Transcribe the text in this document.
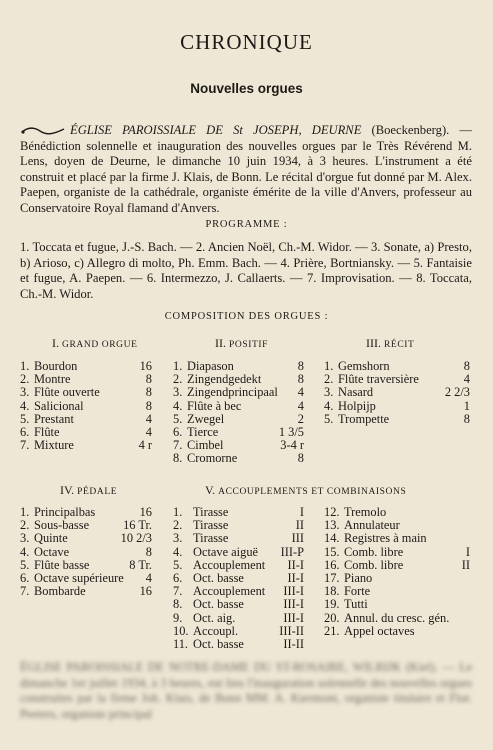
CHRONIQUE
Nouvelles orgues
ÉGLISE PAROISSIALE DE St JOSEPH, DEURNE (Boeckenberg). — Bénédiction solennelle et inauguration des nouvelles orgues par le Très Révérend M. Lens, doyen de Deurne, le dimanche 10 juin 1934, à 3 heures. L'instrument a été construit et placé par la firme J. Klais, de Bonn. Le récital d'orgue fut donné par M. Alex. Paepen, organiste de la cathédrale, organiste émérite de la ville d'Anvers, professeur au Conservatoire Royal flamand d'Anvers.
PROGRAMME :
1. Toccata et fugue, J.-S. Bach. — 2. Ancien Noël, Ch.-M. Widor. — 3. Sonate, a) Presto, b) Arioso, c) Allegro di molto, Ph. Emm. Bach. — 4. Prière, Bortniansky. — 5. Fantaisie et fugue, A. Paepen. — 6. Intermezzo, J. Callaerts. — 7. Improvisation. — 8. Toccata, Ch.-M. Widor.
COMPOSITION DES ORGUES :
I. GRAND ORGUE	II. POSITIF	III. RÉCIT
IV. PÉDALE	V. ACCOUPLEMENTS ET COMBINAISONS
1. Bourdon	16
2. Montre	8
3. Flûte ouverte	8
4. Salicional	8
5. Prestant	4
6. Flûte	4
7. Mixture	4 r
1. Diapason	8
2. Zingendgedekt	8
3. Zingendprincipaal 4
4. Flûte à bec	4
5. Zwegel	2
6. Tierce	1 3/5
7. Cimbel	3-4 r
8. Cromorne	8
1. Gemshorn	8
2. Flûte traversière	4
3. Nasard	2 2/3
4. Holpijp	1
5. Trompette	8
1. Principalbas	16
2. Sous-basse	16 Tr.
3. Quinte	10 2/3
4. Octave	8
5. Flûte basse	8 Tr.
6. Octave supérieure 4
7. Bombarde	16
1. Tirasse	I
2. Tirasse	II
3. Tirasse	III
4. Octave aiguë III-P
5. Accouplement II-I
6. Oct. basse	II-I
7. Accouplement III-I
8. Oct. basse	III-I
9. Oct. aig.	III-I
10. Accoupl.	III-II
11. Oct. basse	II-II
12. Tremolo
13. Annulateur
14. Registres à main
15. Comb. libre	I
16. Comb. libre	II
17. Piano
18. Forte
19. Tutti
20. Annul. du cresc. gén.
21. Appel octaves
ÉGLISE PAROISSIALE DE NOTRE-DAME DU ST-ROSAIRE, WILRIJK (Kiel). — Le dimanche 1er juillet 1934, à 3 heures, eut lieu l'inauguration solennelle des nouvelles orgues construites par la firme Joh. Klais, de Bonn MM. A. Kiermont, organiste titulaire et Flor. Peeters, organiste principal
